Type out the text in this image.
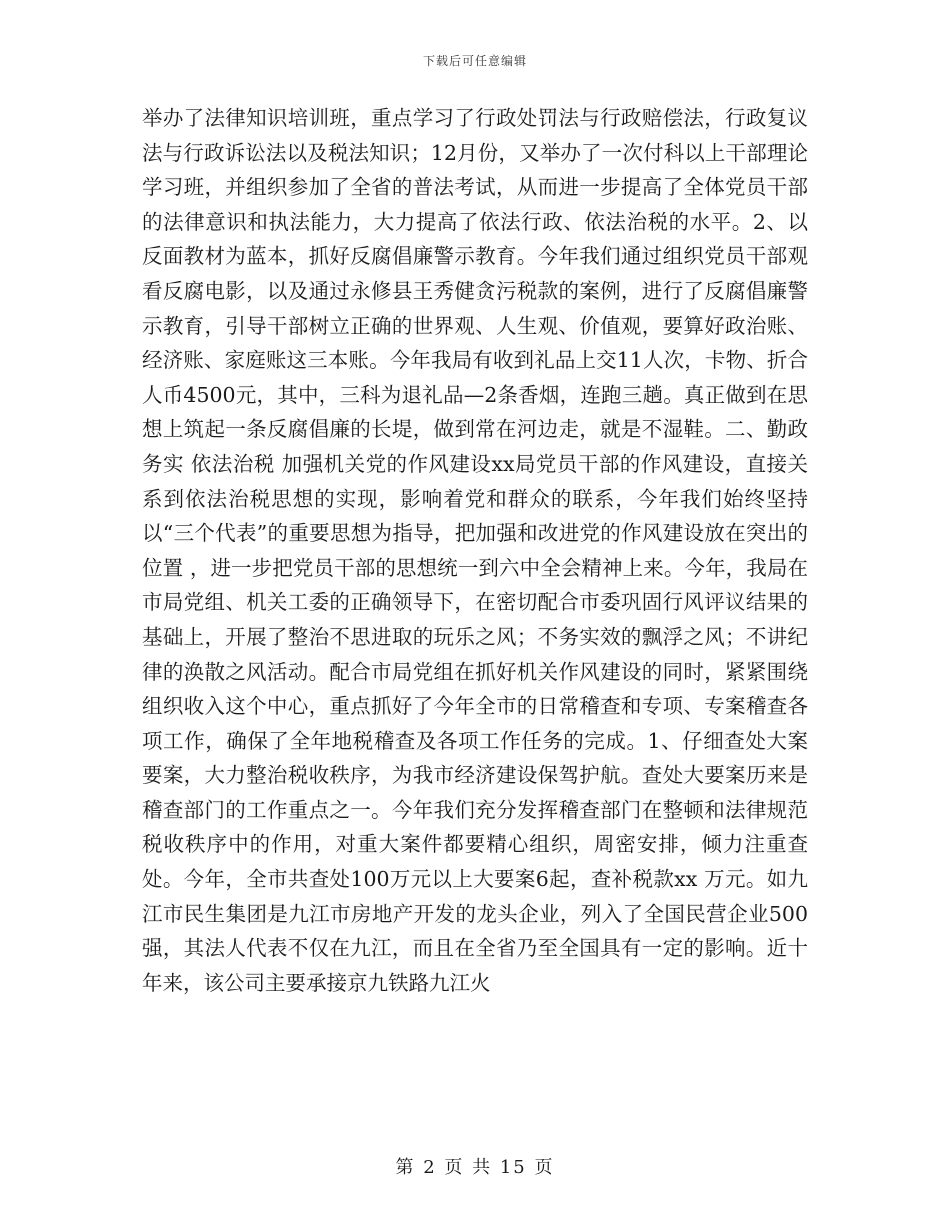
下载后可任意编辑

举办了法律知识培训班，重点学习了行政处罚法与行政赔偿法，行政复议法与行政诉讼法以及税法知识；12月份，又举办了一次付科以上干部理论学习班，并组织参加了全省的普法考试，从而进一步提高了全体党员干部的法律意识和执法能力，大力提高了依法行政、依法治税的水平。2、以反面教材为蓝本，抓好反腐倡廉警示教育。今年我们通过组织党员干部观看反腐电影，以及通过永修县王秀健贪污税款的案例，进行了反腐倡廉警示教育，引导干部树立正确的世界观、人生观、价值观，要算好政治账、经济账、家庭账这三本账。今年我局有收到礼品上交11人次，卡物、折合人币4500元，其中，三科为退礼品—2条香烟，连跑三趟。真正做到在思想上筑起一条反腐倡廉的长堤，做到常在河边走，就是不湿鞋。二、勤政务实 依法治税 加强机关党的作风建设xx局党员干部的作风建设，直接关系到依法治税思想的实现，影响着党和群众的联系，今年我们始终坚持以“三个代表”的重要思想为指导，把加强和改进党的作风建设放在突出的位置 ，进一步把党员干部的思想统一到六中全会精神上来。今年，我局在市局党组、机关工委的正确领导下，在密切配合市委巩固行风评议结果的基础上，开展了整治不思进取的玩乐之风；不务实效的飘浮之风；不讲纪律的涣散之风活动。配合市局党组在抓好机关作风建设的同时，紧紧围绕组织收入这个中心，重点抓好了今年全市的日常稽查和专项、专案稽查各项工作，确保了全年地税稽查及各项工作任务的完成。1、仔细查处大案要案，大力整治税收秩序，为我市经济建设保驾护航。查处大要案历来是稽查部门的工作重点之一。今年我们充分发挥稽查部门在整顿和法律规范税收秩序中的作用，对重大案件都要精心组织，周密安排，倾力注重查处。今年，全市共查处100万元以上大要案6起，查补税款xx 万元。如九江市民生集团是九江市房地产开发的龙头企业，列入了全国民营企业500强，其法人代表不仅在九江，而且在全省乃至全国具有一定的影响。近十年来，该公司主要承接京九铁路九江火

第 2 页 共 15 页
